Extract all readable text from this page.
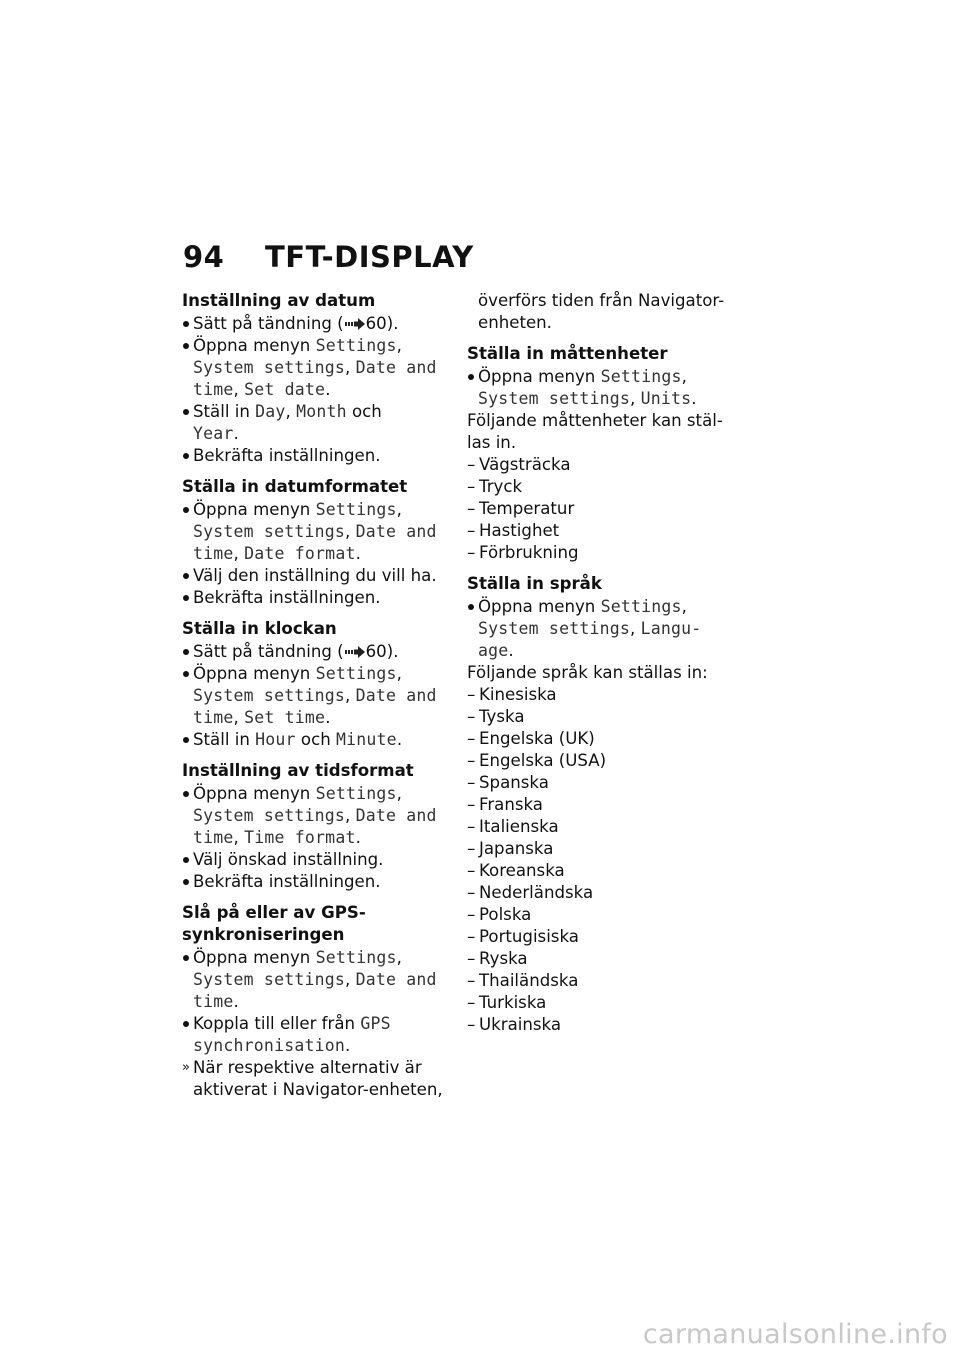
94	TFT-DISPLAY
Inställning av datum
Sätt på tändning ( 60).
Öppna menyn Settings,
System settings, Date and time, Set date.
Ställ in Day, Month och
Year.
Bekräfta inställningen.
Ställa in datumformatet
Öppna menyn Settings,
System settings, Date and time, Date format.
Välj den inställning du vill ha.
Bekräfta inställningen.
Ställa in klockan
Sätt på tändning ( 60).
Öppna menyn Settings,
System settings, Date and time, Set time.
Ställ in Hour och Minute.
Inställning av tidsformat
Öppna menyn Settings,
System settings, Date and time, Time format.
Välj önskad inställning.
Bekräfta inställningen.
Slå på eller av GPS-
synkroniseringen
Öppna menyn Settings,
System settings, Date and time.
Koppla till eller från GPS synchronisation.
» När respektive alternativ är aktiverat i Navigator-enheten,
överförs tiden från Navigator-enheten.
Ställa in måttenheter
Öppna menyn Settings,
System settings, Units.
Följande måttenheter kan stäl-
las in.
– Vägsträcka
– Tryck
– Temperatur
– Hastighet
– Förbrukning
Ställa in språk
Öppna menyn Settings,
System settings, Langu-
age.
Följande språk kan ställas in:
– Kinesiska
– Tyska
– Engelska (UK)
– Engelska (USA)
– Spanska
– Franska
– Italienska
– Japanska
– Koreanska
– Nederländska
– Polska
– Portugisiska
– Ryska
– Thailändska
– Turkiska
– Ukrainska
carmanualsonline.info
